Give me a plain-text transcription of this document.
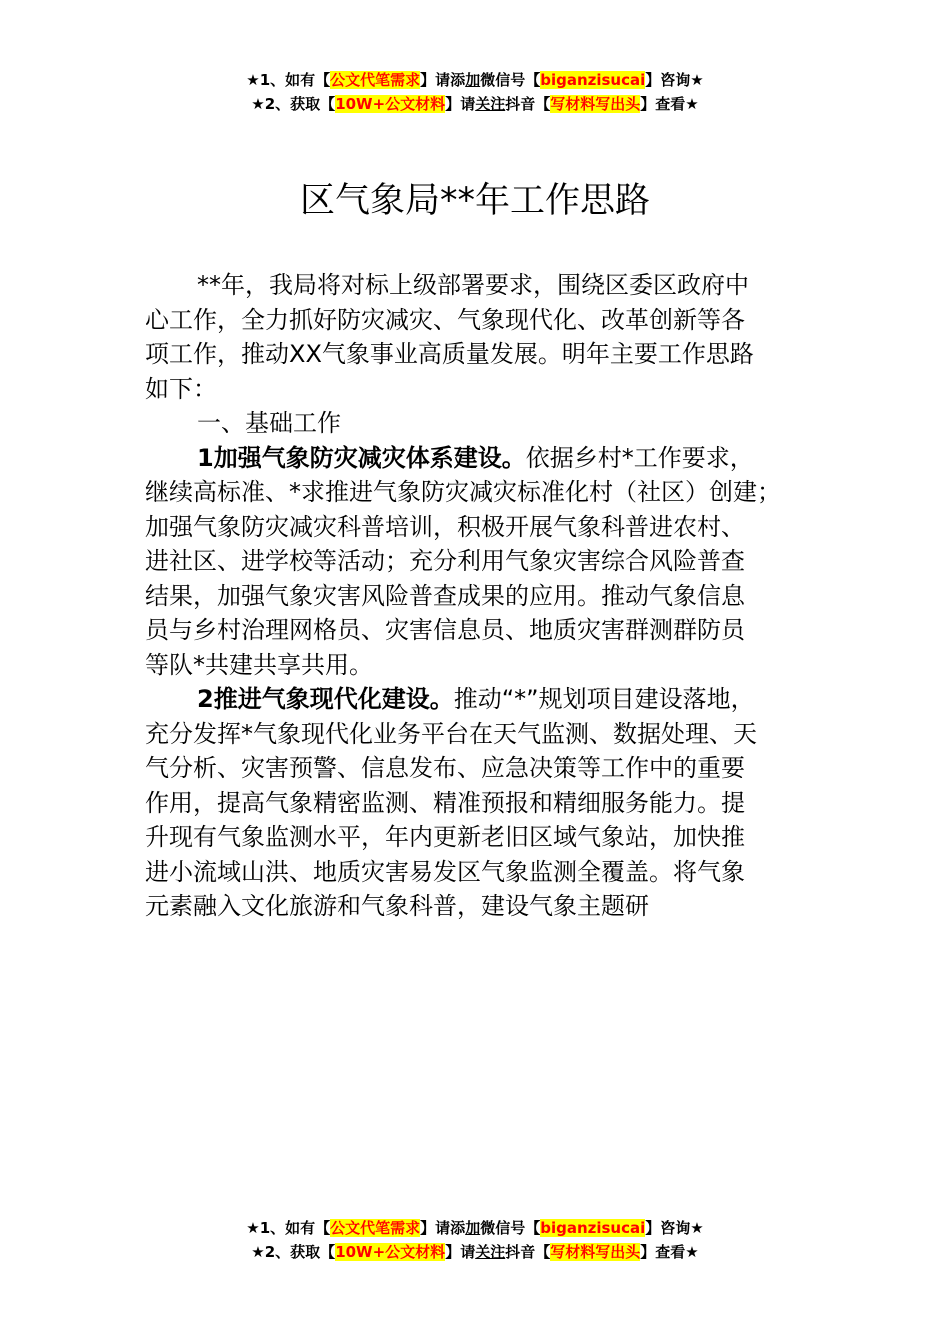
★1、如有【公文代笔需求】请添加微信号【biganzisucai】咨询★
★2、获取【10W+公文材料】请关注抖音【写材料写出头】查看★
区气象局**年工作思路
**年，我局将对标上级部署要求，围绕区委区政府中
心工作，全力抓好防灾减灾、气象现代化、改革创新等各
项工作，推动XX气象事业高质量发展。明年主要工作思路
如下：
一、基础工作
1加强气象防灾减灾体系建设。依据乡村*工作要求，
继续高标准、*求推进气象防灾减灾标准化村（社区）创建；
加强气象防灾减灾科普培训，积极开展气象科普进农村、
进社区、进学校等活动；充分利用气象灾害综合风险普查
结果，加强气象灾害风险普查成果的应用。推动气象信息
员与乡村治理网格员、灾害信息员、地质灾害群测群防员
等队*共建共享共用。
2推进气象现代化建设。推动“*”规划项目建设落地，
充分发挥*气象现代化业务平台在天气监测、数据处理、天
气分析、灾害预警、信息发布、应急决策等工作中的重要
作用，提高气象精密监测、精准预报和精细服务能力。提
升现有气象监测水平，年内更新老旧区域气象站，加快推
进小流域山洪、地质灾害易发区气象监测全覆盖。将气象
元素融入文化旅游和气象科普，建设气象主题研
★1、如有【公文代笔需求】请添加微信号【biganzisucai】咨询★
★2、获取【10W+公文材料】请关注抖音【写材料写出头】查看★
